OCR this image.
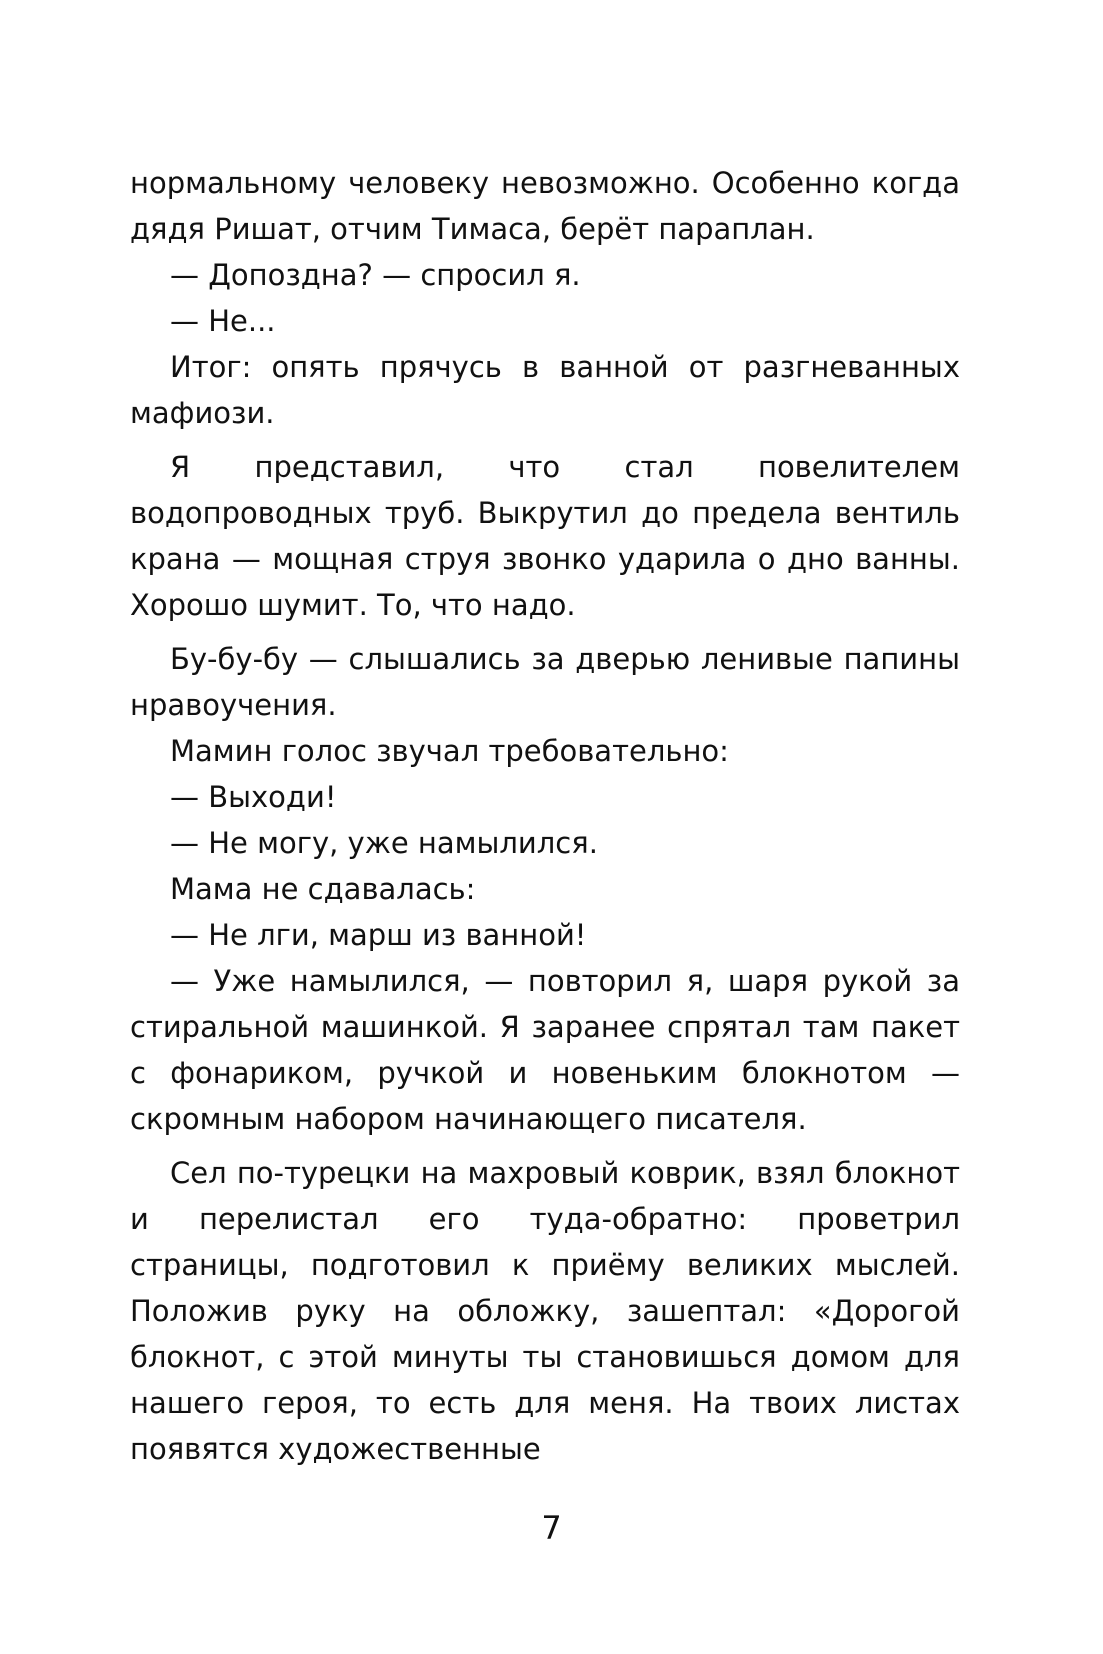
нормальному человеку невозможно. Особенно когда дядя Ришат, отчим Тимаса, берёт параплан.

— Допоздна? — спросил я.

— Не...

Итог: опять прячусь в ванной от разгневанных мафиози.

Я представил, что стал повелителем водопроводных труб. Выкрутил до предела вентиль крана — мощная струя звонко ударила о дно ванны. Хорошо шумит. То, что надо.

Бу-бу-бу — слышались за дверью ленивые папины нравоучения.

Мамин голос звучал требовательно:

— Выходи!

— Не могу, уже намылился.

Мама не сдавалась:

— Не лги, марш из ванной!

— Уже намылился, — повторил я, шаря рукой за стиральной машинкой. Я заранее спрятал там пакет с фонариком, ручкой и новеньким блокнотом — скромным набором начинающего писателя.

Сел по-турецки на махровый коврик, взял блокнот и перелистал его туда-обратно: проветрил страницы, подготовил к приёму великих мыслей. Положив руку на обложку, зашептал: «Дорогой блокнот, с этой минуты ты становишься домом для нашего героя, то есть для меня. На твоих листах появятся художественные

7
